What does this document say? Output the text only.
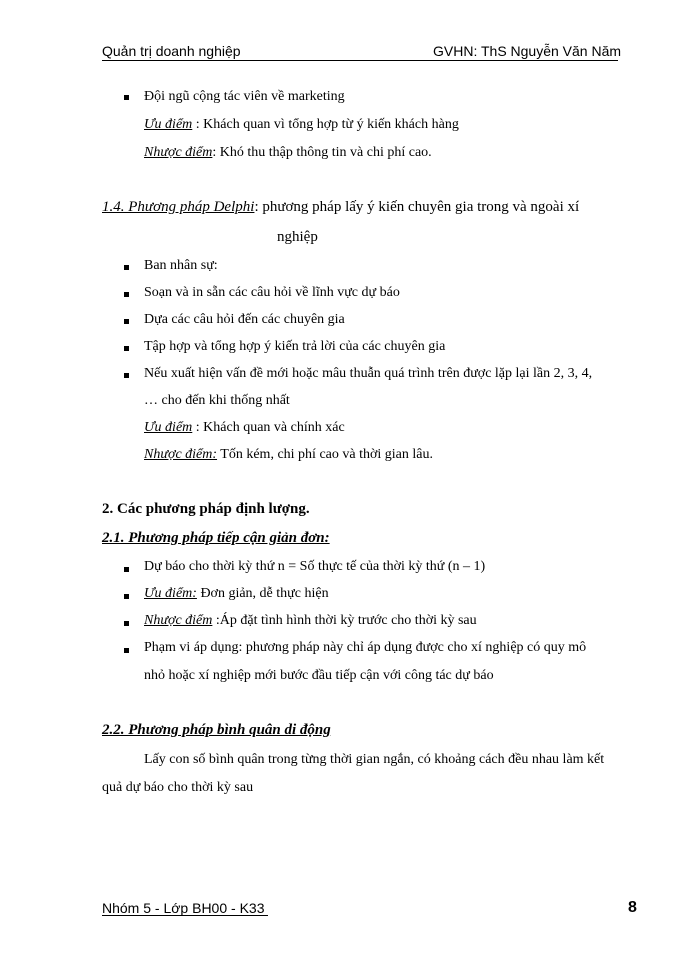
Quản trị doanh nghiệp	GVHN: ThS Nguyễn Văn Năm
Đội ngũ cộng tác viên về marketing
Ưu điểm : Khách quan vì tổng hợp từ ý kiến khách hàng
Nhược điểm: Khó thu thập thông tin và chi phí cao.
1.4. Phương pháp Delphi: phương pháp lấy ý kiến chuyên gia trong và ngoài xí
nghiệp
Ban nhân sự:
Soạn và in sẵn các câu hỏi về lĩnh vực dự báo
Dựa các câu hỏi đến các chuyên gia
Tập hợp và tổng hợp ý kiến trả lời của các chuyên gia
Nếu xuất hiện vấn đề mới hoặc mâu thuẫn quá trình trên được lặp lại lần 2, 3, 4,
… cho đến khi thống nhất
Ưu điểm : Khách quan và chính xác
Nhược điểm: Tốn kém, chi phí cao và thời gian lâu.
2. Các phương pháp định lượng.
2.1. Phương pháp tiếp cận giản đơn:
Dự báo cho thời kỳ thứ n = Số thực tế của thời kỳ thứ (n – 1)
Ưu điểm: Đơn giản, dễ thực hiện
Nhược điểm :Áp đặt tình hình thời kỳ trước cho thời kỳ sau
Phạm vi áp dụng: phương pháp này chỉ áp dụng được cho xí nghiệp có quy mô
nhỏ hoặc xí nghiệp mới bước đầu tiếp cận với công tác dự báo
2.2. Phương pháp bình quân di động
Lấy con số bình quân trong từng thời gian ngắn, có khoảng cách đều nhau làm kết
quả dự báo cho thời kỳ sau
Nhóm 5 - Lớp BH00 - K33	8
